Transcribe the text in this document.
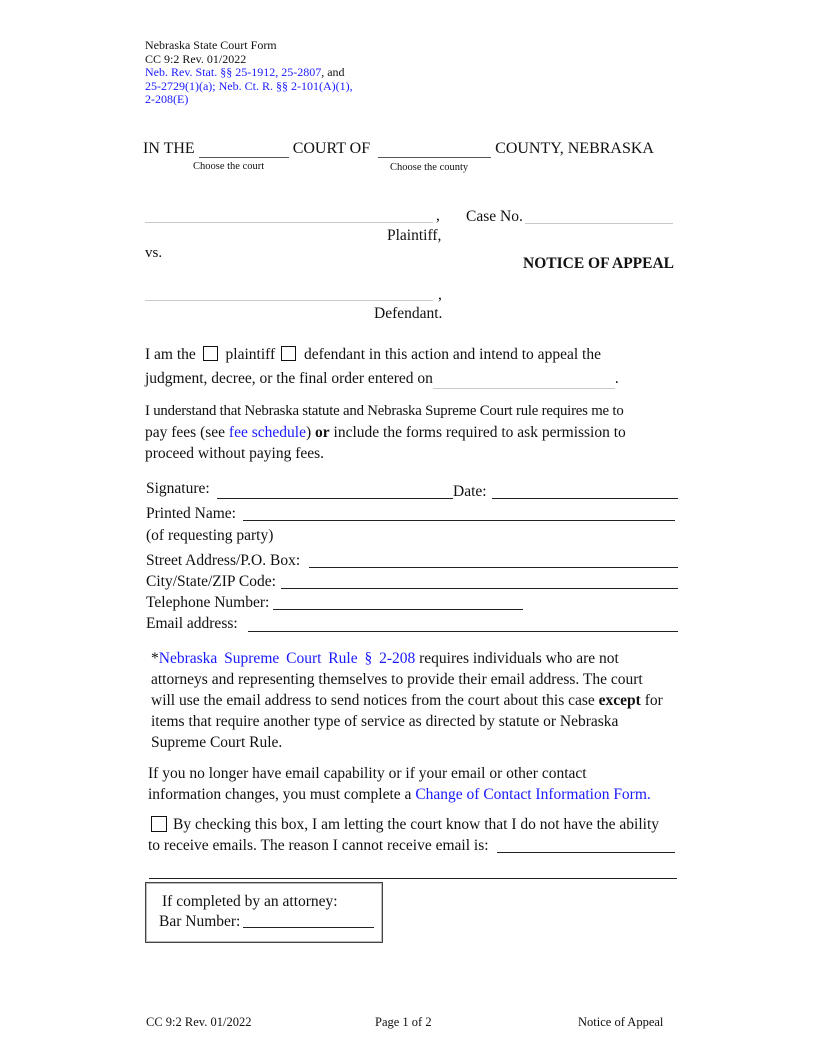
Nebraska State Court Form
CC 9:2 Rev. 01/2022
Neb. Rev. Stat. §§ 25-1912, 25-2807, and
25-2729(1)(a); Neb. Ct. R. §§ 2-101(A)(1),
2-208(E)
IN THE	COURT OF	COUNTY, NEBRASKA
Choose the court	Choose the county
,
Plaintiff,
Case No.
vs.
NOTICE OF APPEAL
,
Defendant.
I am the plaintiff defendant in this action and intend to appeal the
judgment, decree, or the final order entered on	.
I understand that Nebraska statute and Nebraska Supreme Court rule requires me to
pay fees (see fee schedule) or include the forms required to ask permission to
proceed without paying fees.
Signature:	Date:
Printed Name:
(of requesting party)
Street Address/P.O. Box:
City/State/ZIP Code:
Telephone Number:
Email address:
*Nebraska Supreme Court Rule § 2-208 requires individuals who are not
attorneys and representing themselves to provide their email address. The court
will use the email address to send notices from the court about this case except for
items that require another type of service as directed by statute or Nebraska
Supreme Court Rule.
If you no longer have email capability or if your email or other contact
information changes, you must complete a Change of Contact Information Form.
By checking this box, I am letting the court know that I do not have the ability
to receive emails. The reason I cannot receive email is:
If completed by an attorney:
Bar Number:
CC 9:2 Rev. 01/2022	Page 1 of 2	Notice of Appeal
